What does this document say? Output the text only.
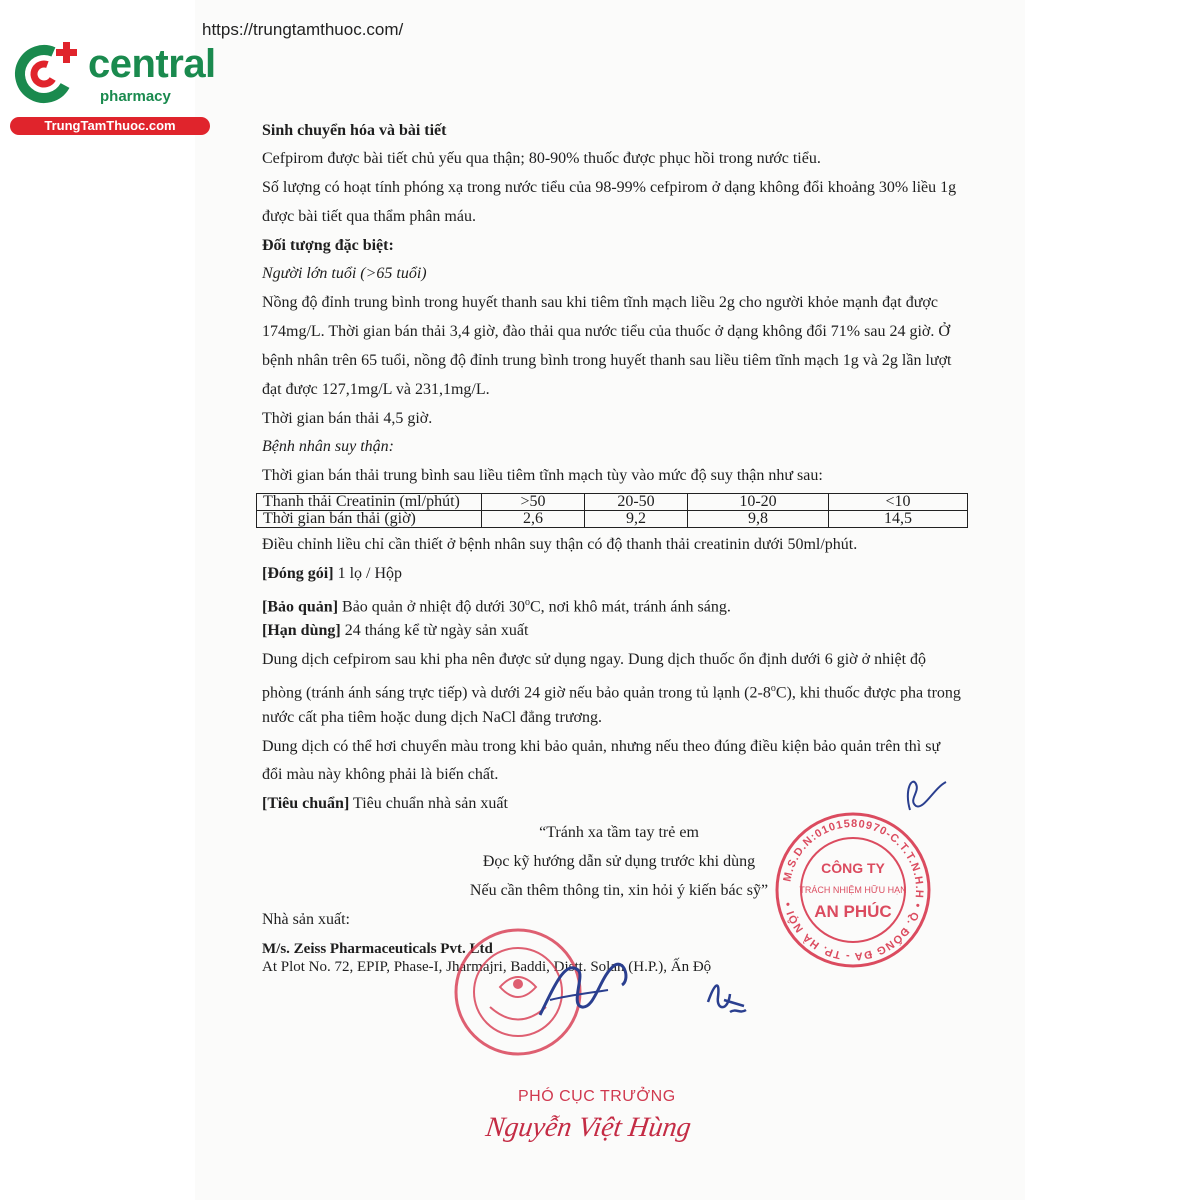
https://trungtamthuoc.com/
central
pharmacy
TrungTamThuoc.com	Sinh chuyển hóa và bài tiết
Cefpirom được bài tiết chủ yếu qua thận; 80-90% thuốc được phục hồi trong nước tiểu.
Số lượng có hoạt tính phóng xạ trong nước tiểu của 98-99% cefpirom ở dạng không đổi khoảng 30% liều 1g
được bài tiết qua thẩm phân máu.
Đối tượng đặc biệt:
Người lớn tuổi (>65 tuổi)
Nồng độ đỉnh trung bình trong huyết thanh sau khi tiêm tĩnh mạch liều 2g cho người khỏe mạnh đạt được
174mg/L. Thời gian bán thải 3,4 giờ, đào thải qua nước tiểu của thuốc ở dạng không đổi 71% sau 24 giờ. Ở
bệnh nhân trên 65 tuổi, nồng độ đỉnh trung bình trong huyết thanh sau liều tiêm tĩnh mạch 1g và 2g lần lượt
đạt được 127,1mg/L và 231,1mg/L.
Thời gian bán thải 4,5 giờ.
Bệnh nhân suy thận:
Thời gian bán thải trung bình sau liều tiêm tĩnh mạch tùy vào mức độ suy thận như sau:
Thanh thải Creatinin (ml/phút)	>50	20-50	10-20	<10
Thời gian bán thải (giờ)	2,6	9,2	9,8	14,5
Điều chỉnh liều chỉ cần thiết ở bệnh nhân suy thận có độ thanh thải creatinin dưới 50ml/phút.
[Đóng gói] 1 lọ / Hộp
[Bảo quản] Bảo quản ở nhiệt độ dưới 30$^o$C, nơi khô mát, tránh ánh sáng.
[Hạn dùng] 24 tháng kể từ ngày sản xuất
Dung dịch cefpirom sau khi pha nên được sử dụng ngay. Dung dịch thuốc ổn định dưới 6 giờ ở nhiệt độ
phòng (tránh ánh sáng trực tiếp) và dưới 24 giờ nếu bảo quản trong tủ lạnh (2-8$^o$C), khi thuốc được pha trong
nước cất pha tiêm hoặc dung dịch NaCl đẳng trương.
Dung dịch có thể hơi chuyển màu trong khi bảo quản, nhưng nếu theo đúng điều kiện bảo quản trên thì sự
đổi màu này không phải là biến chất.
[Tiêu chuẩn] Tiêu chuẩn nhà sản xuất
“Tránh xa tầm tay trẻ em
Đọc kỹ hướng dẫn sử dụng trước khi dùng
Nếu cần thêm thông tin, xin hỏi ý kiến bác sỹ”
Nhà sản xuất:
M/s. Zeiss Pharmaceuticals Pvt. Ltd
At Plot No. 72, EPIP, Phase-I, Jharmajri, Baddi, Distt. Solan (H.P.), Ấn Độ
M.S.D.N:0101580970-C.T.T.N.H.H • Q. ĐỐNG ĐA - TP. HÀ NỘI •
CÔNG TY
TRÁCH NHIỆM HỮU HẠN
AN PHÚC
PHÓ CỤC TRƯỞNG
Nguyễn Việt Hùng
